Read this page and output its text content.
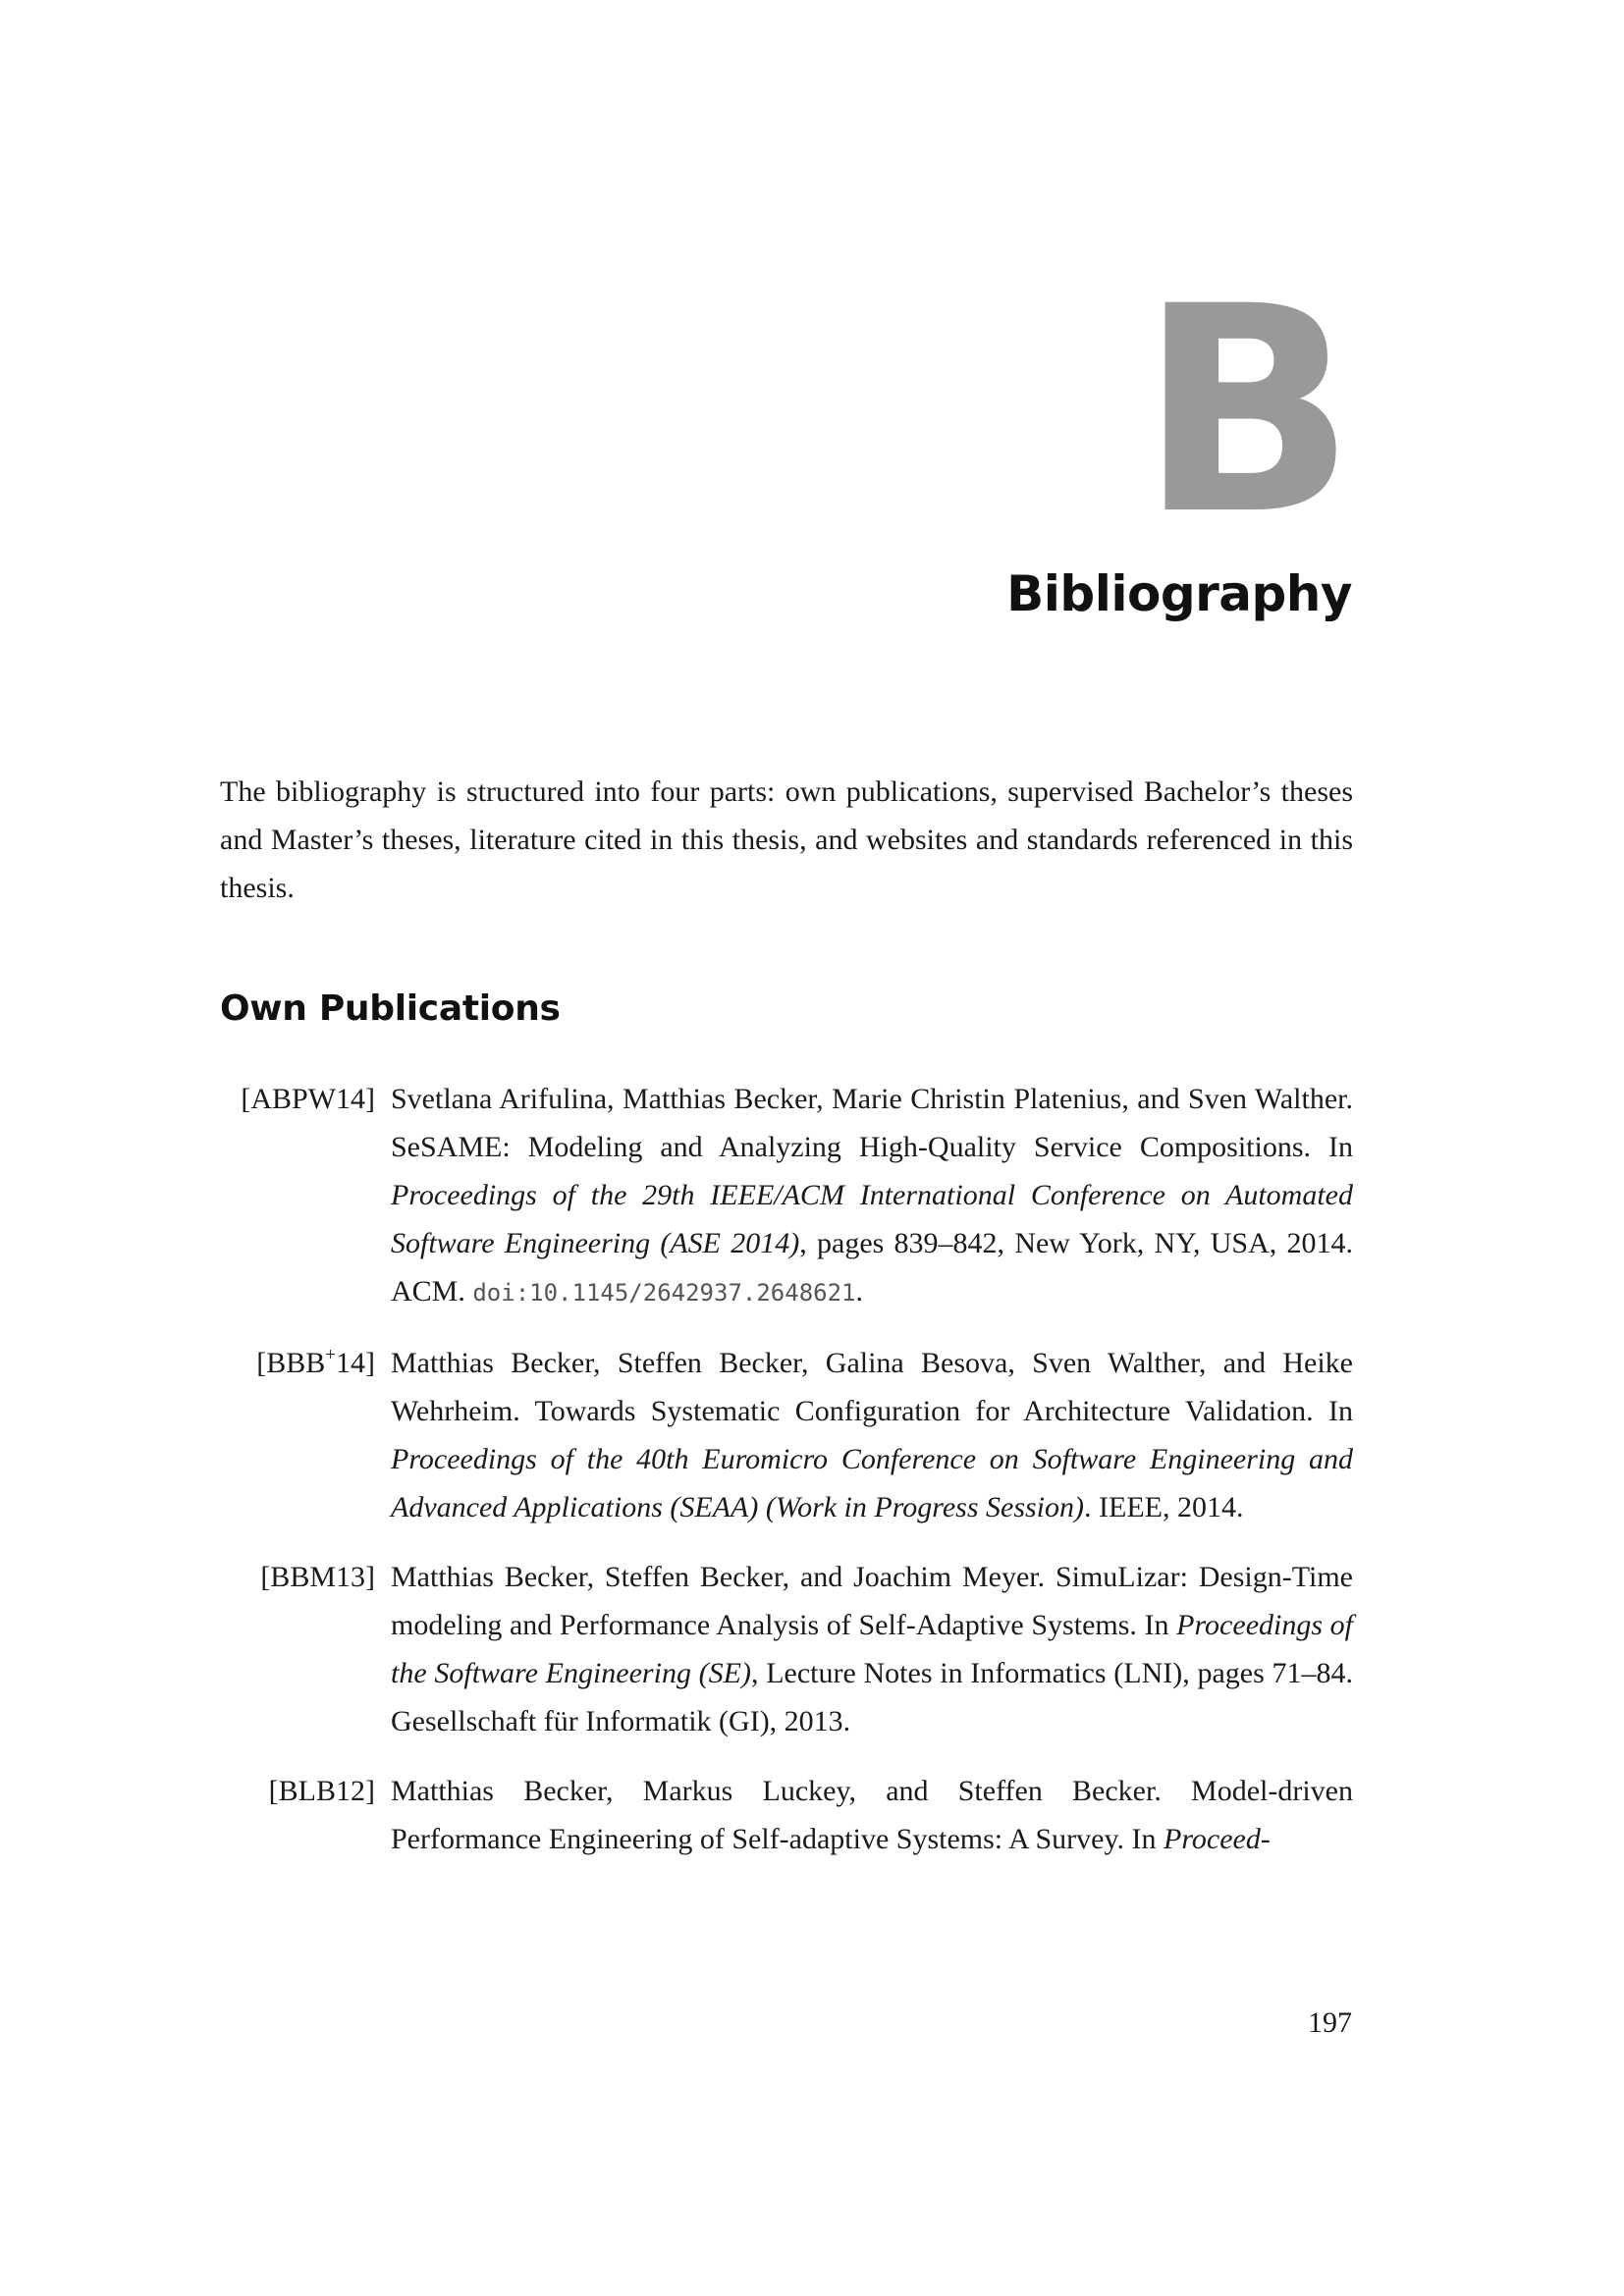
B
Bibliography

The bibliography is structured into four parts: own publications, supervised Bachelor’s theses and Master’s theses, literature cited in this thesis, and websites and standards referenced in this thesis.

Own Publications
[ABPW14] Svetlana Arifulina, Matthias Becker, Marie Christin Platenius, and Sven Walther. SeSAME: Modeling and Analyzing High-Quality Service Compositions. In Proceedings of the 29th IEEE/ACM International Conference on Automated Software Engineering (ASE 2014), pages 839–842, New York, NY, USA, 2014. ACM. doi:10.1145/2642937.2648621.
[BBB+14] Matthias Becker, Steffen Becker, Galina Besova, Sven Walther, and Heike Wehrheim. Towards Systematic Configuration for Architecture Validation. In Proceedings of the 40th Euromicro Conference on Software Engineering and Advanced Applications (SEAA) (Work in Progress Session). IEEE, 2014.
[BBM13] Matthias Becker, Steffen Becker, and Joachim Meyer. SimuLizar: Design-Time modeling and Performance Analysis of Self-Adaptive Systems. In Proceedings of the Software Engineering (SE), Lecture Notes in Informatics (LNI), pages 71–84. Gesellschaft für Informatik (GI), 2013.
[BLB12] Matthias Becker, Markus Luckey, and Steffen Becker. Model-driven Performance Engineering of Self-adaptive Systems: A Survey. In Proceed-
197
